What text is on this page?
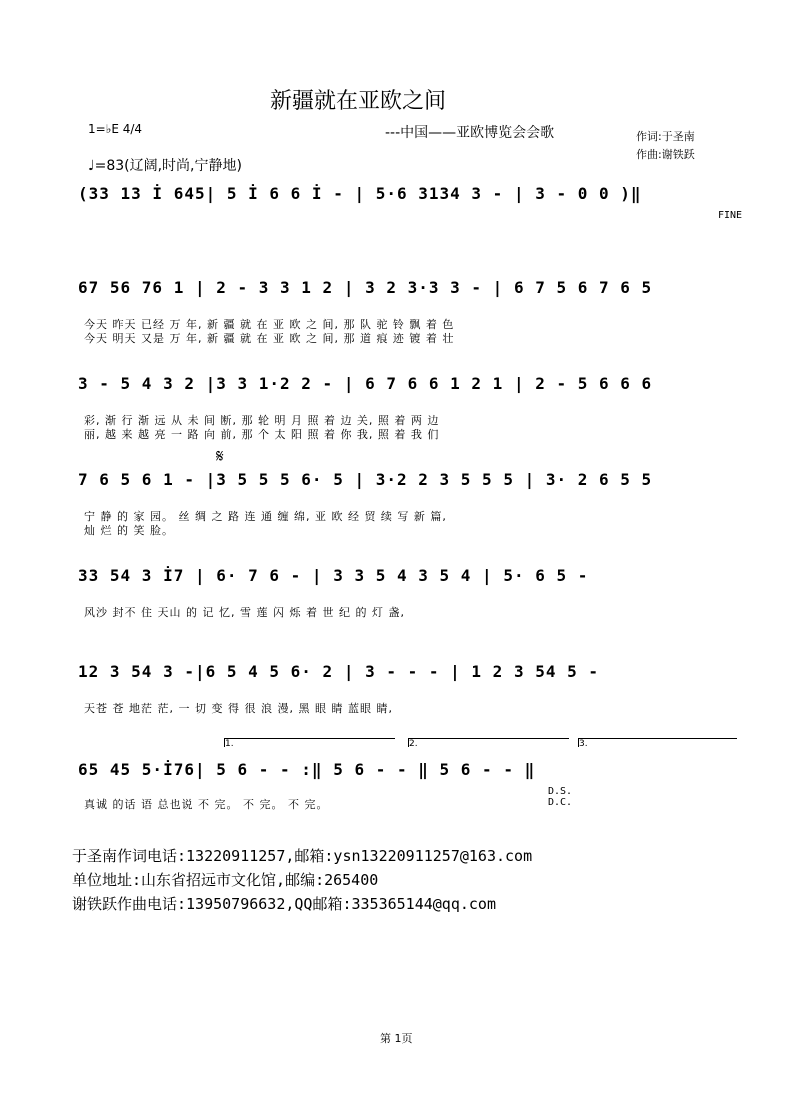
新疆就在亚欧之间
---中国——亚欧博览会会歌	作词:于圣南
作曲:谢铁跃
1=♭E 4/4
♩=83(辽阔,时尚,宁静地)
(33 13 İ 645| 5 İ 6 6 İ - | 5·6 3134 3 - | 3 - 0 0 )‖
FINE
67 56 76 1 | 2 - 3 3 1 2 | 3 2 3·3 3 - | 6 7 5 6 7 6 5
今天 昨天 已经 万 年, 新 疆 就 在 亚 欧 之 间, 那 队 驼 铃 飘 着 色
今天 明天 又是 万 年, 新 疆 就 在 亚 欧 之 间, 那 道 痕 迹 镀 着 壮
3 - 5 4 3 2 |3 3 1·2 2 - | 6 7 6 6 1 2 1 | 2 - 5 6 6 6
彩, 渐 行 渐 远 从 未 间 断, 那 轮 明 月 照 着 边 关, 照 着 两 边
丽, 越 来 越 亮 一 路 向 前, 那 个 太 阳 照 着 你 我, 照 着 我 们
𝄋
7 6 5 6 1 - |3 5 5 5 6· 5 | 3·2 2 3 5 5 5 | 3· 2 6 5 5
宁 静 的 家 园。 丝 绸 之 路 连 通 缠 绵, 亚 欧 经 贸 续 写 新 篇,
灿 烂 的 笑 脸。
33 54 3 İ7 | 6· 7 6 - | 3 3 5 4 3 5 4 | 5· 6 5 -
风沙 封不 住 天山 的 记 忆, 雪 莲 闪 烁 着 世 纪 的 灯 盏,
12 3 54 3 -|6 5 4 5 6· 2 | 3 - - - | 1 2 3 54 5 -
天苍 苍 地茫 茫, 一 切 变 得 很 浪 漫, 黑 眼 睛 蓝眼 睛,
1.	2.	3.
65 45 5·İ76| 5 6 - - :‖ 5 6 - - ‖ 5 6 - - ‖
真诚 的话 语 总也说 不 完。 不 完。 不 完。
D.S. D.C.
于圣南作词电话:13220911257,邮箱:ysn13220911257@163.com
单位地址:山东省招远市文化馆,邮编:265400
谢铁跃作曲电话:13950796632,QQ邮箱:335365144@qq.com
第 1页
